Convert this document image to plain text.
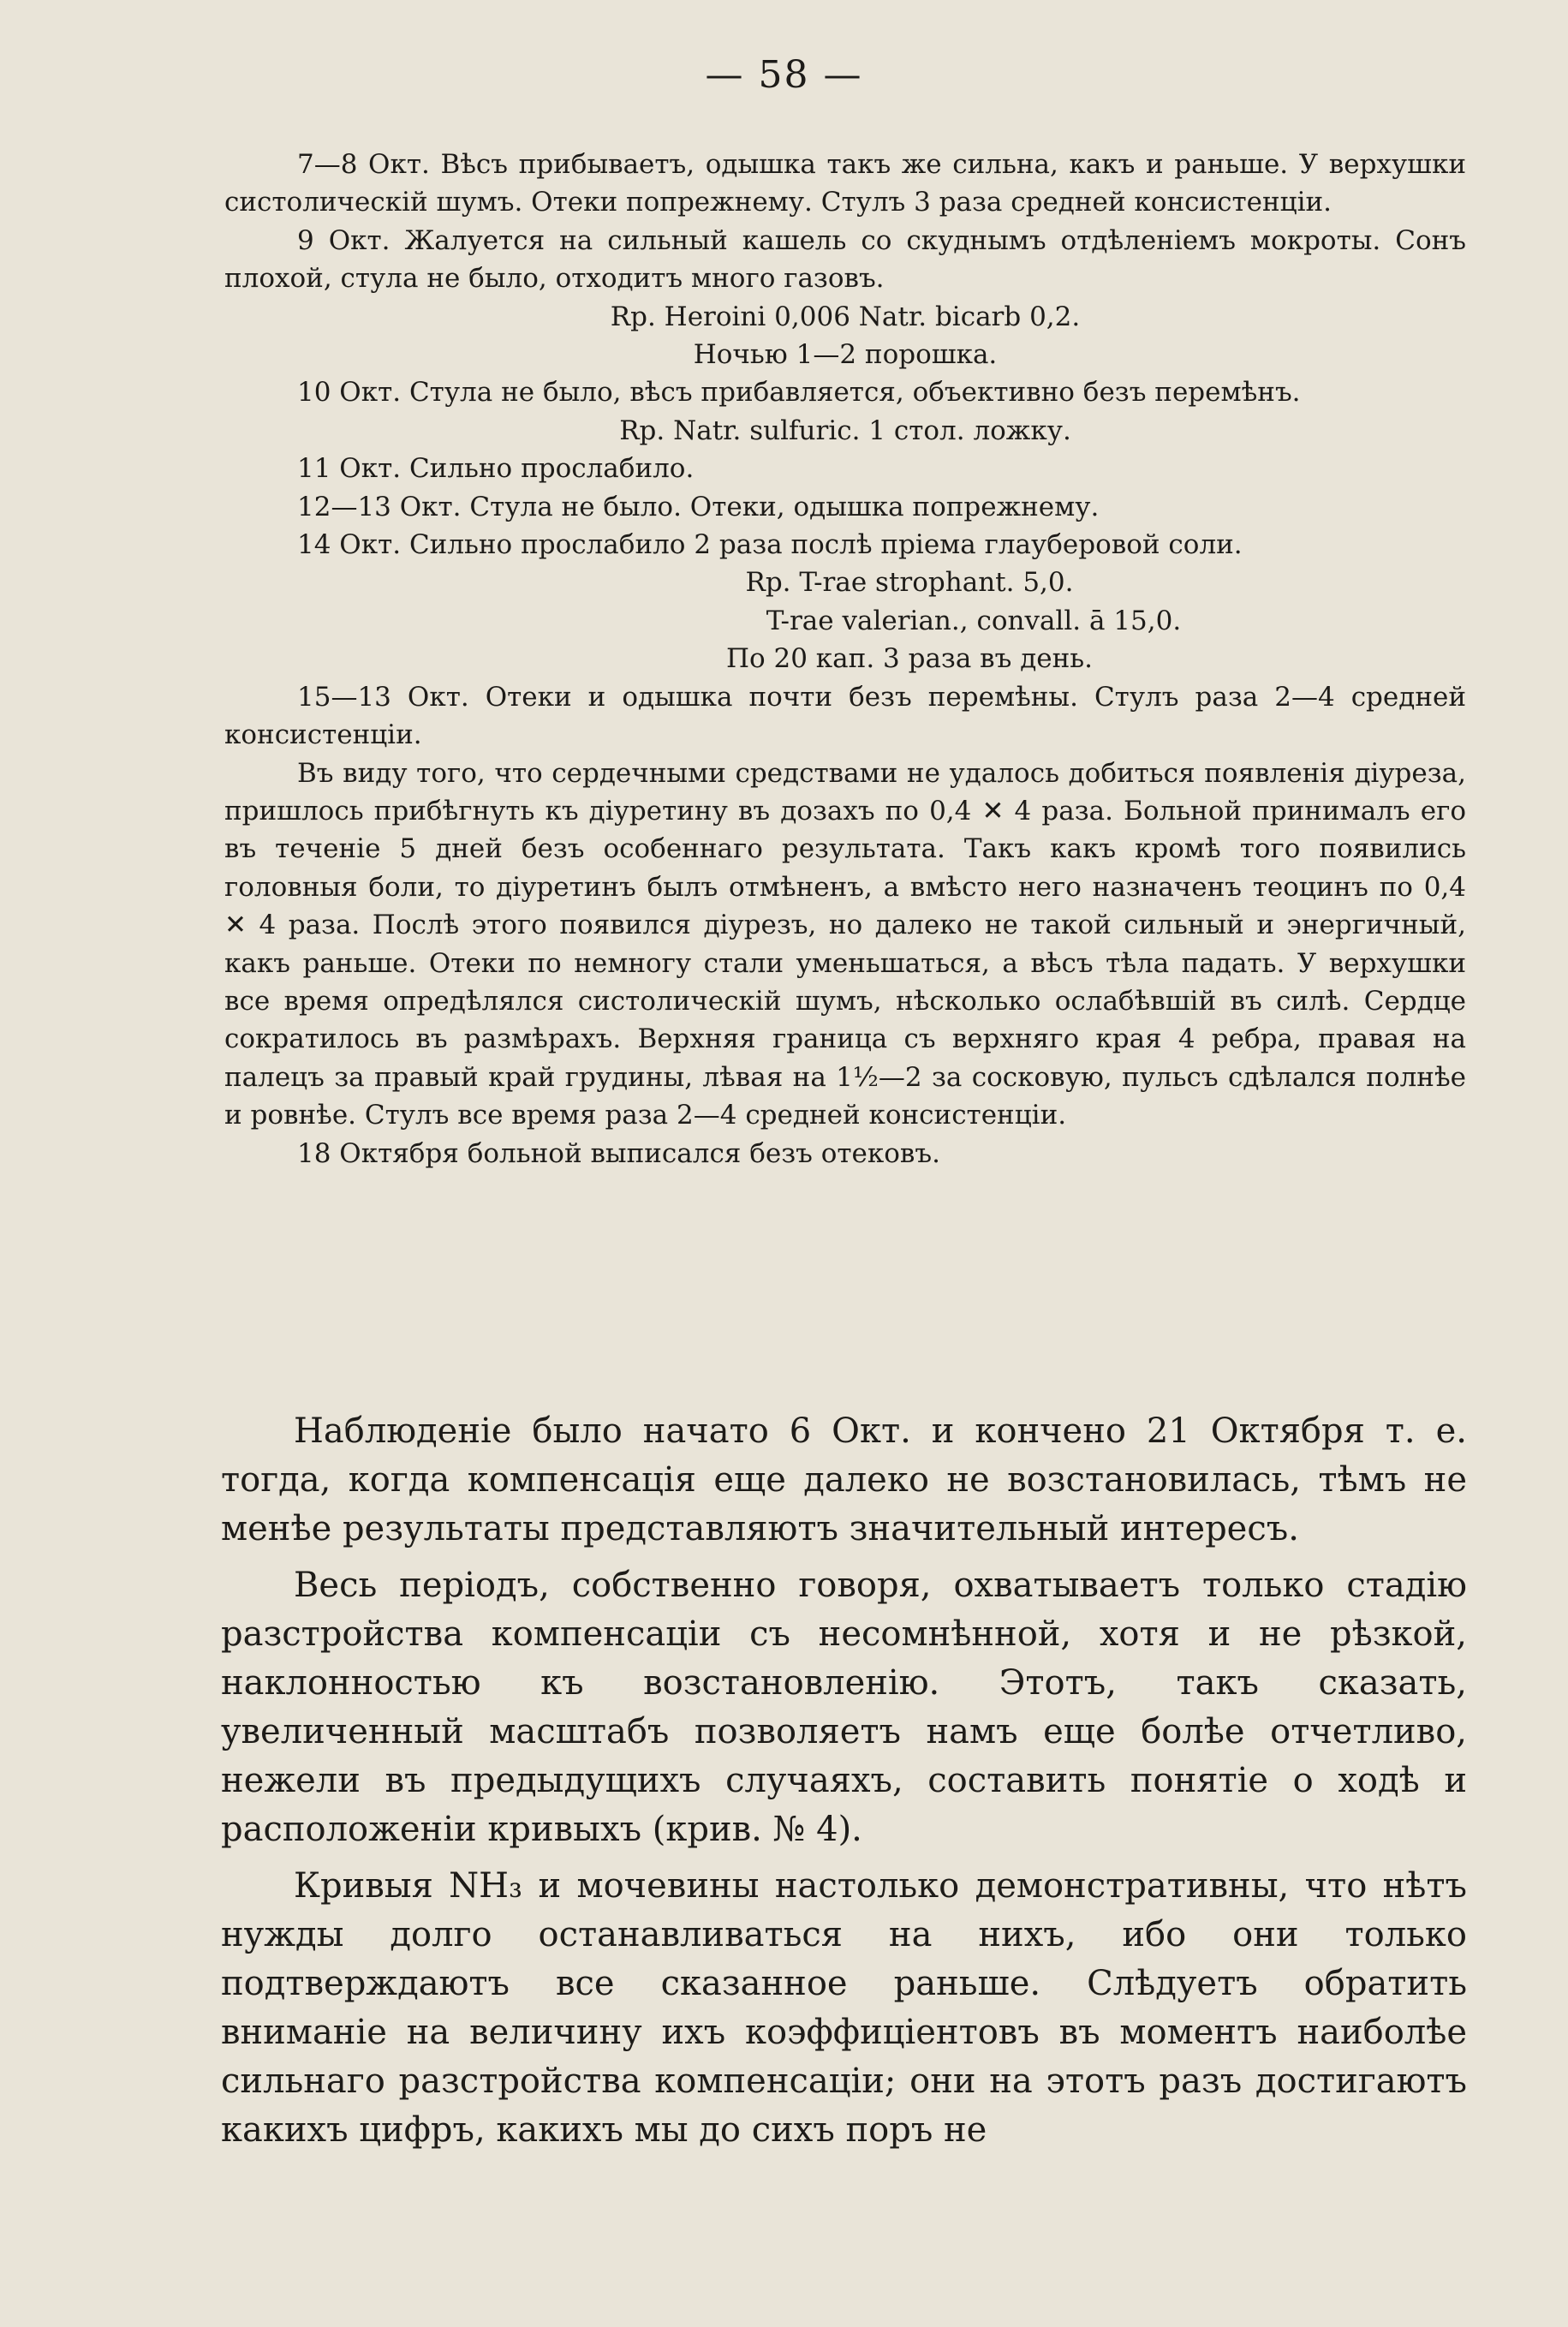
— 58 —

7—8 Окт. Вѣсъ прибываетъ, одышка такъ же сильна, какъ и раньше. У верхушки систолическій шумъ. Отеки попрежнему. Стулъ 3 раза средней консистенціи.

9 Окт. Жалуется на сильный кашель со скуднымъ отдѣленіемъ мокроты. Сонъ плохой, стула не было, отходитъ много газовъ.

Rp. Heroini 0,006 Natr. bicarb 0,2.

Ночью 1—2 порошка.

10 Окт. Стула не было, вѣсъ прибавляется, объективно безъ перемѣнъ.

Rp. Natr. sulfuric. 1 стол. ложку.

11 Окт. Сильно прослабило.

12—13 Окт. Стула не было. Отеки, одышка попрежнему.

14 Окт. Сильно прослабило 2 раза послѣ пріема глауберовой соли.

Rp. T-rae strophant. 5,0.

T-rae valerian., convall. ā 15,0.

По 20 кап. 3 раза въ день.

15—13 Окт. Отеки и одышка почти безъ перемѣны. Стулъ раза 2—4 средней консистенціи.

Въ виду того, что сердечными средствами не удалось добиться появленія діуреза, пришлось прибѣгнуть къ діуретину въ дозахъ по 0,4 ✕ 4 раза. Больной принималъ его въ теченіе 5 дней безъ особеннаго результата. Такъ какъ кромѣ того появились головныя боли, то діуретинъ былъ отмѣненъ, а вмѣсто него назначенъ теоцинъ по 0,4 ✕ 4 раза. Послѣ этого появился діурезъ, но далеко не такой сильный и энергичный, какъ раньше. Отеки по немногу стали уменьшаться, а вѣсъ тѣла падать. У верхушки все время опредѣлялся систолическій шумъ, нѣсколько ослабѣвшій въ силѣ. Сердце сократилось въ размѣрахъ. Верхняя граница съ верхняго края 4 ребра, правая на палецъ за правый край грудины, лѣвая на 1½—2 за сосковую, пульсъ сдѣлался полнѣе и ровнѣе. Стулъ все время раза 2—4 средней консистенціи.

18 Октября больной выписался безъ отековъ.

Наблюденіе было начато 6 Окт. и кончено 21 Октября т. е. тогда, когда компенсація еще далеко не возстановилась, тѣмъ не менѣе результаты представляютъ значительный интересъ.

Весь періодъ, собственно говоря, охватываетъ только стадію разстройства компенсаціи съ несомнѣнной, хотя и не рѣзкой, наклонностью къ возстановленію. Этотъ, такъ сказать, увеличенный масштабъ позволяетъ намъ еще болѣе отчетливо, нежели въ предыдущихъ случаяхъ, составить понятіе о ходѣ и расположеніи кривыхъ (крив. № 4).

Кривыя NH₃ и мочевины настолько демонстративны, что нѣтъ нужды долго останавливаться на нихъ, ибо они только подтверждаютъ все сказанное раньше. Слѣдуетъ обратить вниманіе на величину ихъ коэффиціентовъ въ моментъ наиболѣе сильнаго разстройства компенсаціи; они на этотъ разъ достигаютъ какихъ цифръ, какихъ мы до сихъ поръ не
